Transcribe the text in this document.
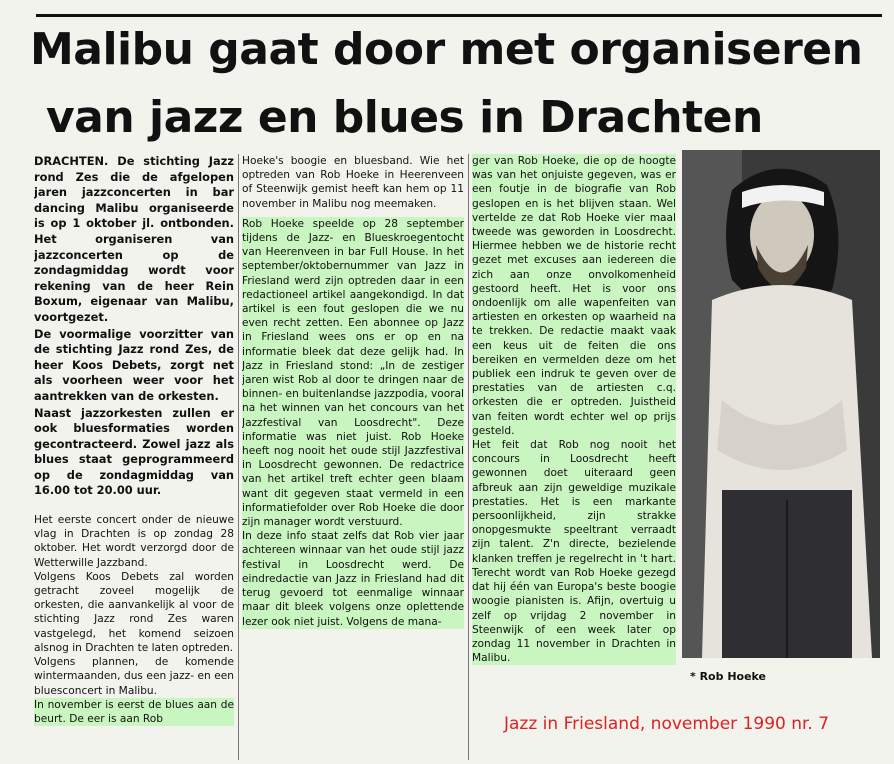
Malibu gaat door met organiseren
van jazz en blues in Drachten

DRACHTEN. De stichting Jazz rond Zes die de afgelopen jaren jazzconcerten in bar dancing Malibu organiseerde is op 1 oktober jl. ontbonden. Het organiseren van jazzconcerten op de zondagmiddag wordt voor rekening van de heer Rein Boxum, eigenaar van Malibu, voortgezet.

De voormalige voorzitter van de stichting Jazz rond Zes, de heer Koos Debets, zorgt net als voorheen weer voor het aantrekken van de orkesten.

Naast jazzorkesten zullen er ook bluesformaties worden gecontracteerd. Zowel jazz als blues staat geprogrammeerd op de zondagmiddag van 16.00 tot 20.00 uur.

Het eerste concert onder de nieuwe vlag in Drachten is op zondag 28 oktober. Het wordt verzorgd door de Wetterwille Jazzband.

Volgens Koos Debets zal worden getracht zoveel mogelijk de orkesten, die aanvankelijk al voor de stichting Jazz rond Zes waren vastgelegd, het komend seizoen alsnog in Drachten te laten optreden.

Volgens plannen, de komende wintermaanden, dus een jazz- en een bluesconcert in Malibu.

In november is eerst de blues aan de beurt. De eer is aan Rob

Hoeke's boogie en bluesband. Wie het optreden van Rob Hoeke in Heerenveen of Steenwijk gemist heeft kan hem op 11 november in Malibu nog meemaken.

Rob Hoeke speelde op 28 september tijdens de Jazz- en Blueskroegentocht van Heerenveen in bar Full House. In het september/oktobernummer van Jazz in Friesland werd zijn optreden daar in een redactioneel artikel aangekondigd. In dat artikel is een fout geslopen die we nu even recht zetten. Een abonnee op Jazz in Friesland wees ons er op en na informatie bleek dat deze gelijk had. In Jazz in Friesland stond: „In de zestiger jaren wist Rob al door te dringen naar de binnen- en buitenlandse jazzpodia, vooral na het winnen van het concours van het Jazzfestival van Loosdrecht". Deze informatie was niet juist. Rob Hoeke heeft nog nooit het oude stijl Jazzfestival in Loosdrecht gewonnen. De redactrice van het artikel treft echter geen blaam want dit gegeven staat vermeld in een informatiefolder over Rob Hoeke die door zijn manager wordt verstuurd.

In deze info staat zelfs dat Rob vier jaar achtereen winnaar van het oude stijl jazz festival in Loosdrecht werd. De eindredactie van Jazz in Friesland had dit terug gevoerd tot eenmalige winnaar maar dit bleek volgens onze oplettende lezer ook niet juist. Volgens de mana-

ger van Rob Hoeke, die op de hoogte was van het onjuiste gegeven, was er een foutje in de biografie van Rob geslopen en is het blijven staan. Wel vertelde ze dat Rob Hoeke vier maal tweede was geworden in Loosdrecht. Hiermee hebben we de historie recht gezet met excuses aan iedereen die zich aan onze onvolkomenheid gestoord heeft. Het is voor ons ondoenlijk om alle wapenfeiten van artiesten en orkesten op waarheid na te trekken. De redactie maakt vaak een keus uit de feiten die ons bereiken en vermelden deze om het publiek een indruk te geven over de prestaties van de artiesten c.q. orkesten die er optreden. Juistheid van feiten wordt echter wel op prijs gesteld.

Het feit dat Rob nog nooit het concours in Loosdrecht heeft gewonnen doet uiteraard geen afbreuk aan zijn geweldige muzikale prestaties. Het is een markante persoonlijkheid, zijn strakke onopgesmukte speeltrant verraadt zijn talent. Z'n directe, bezielende klanken treffen je regelrecht in 't hart. Terecht wordt van Rob Hoeke gezegd dat hij één van Europa's beste boogie woogie pianisten is. Afijn, overtuig u zelf op vrijdag 2 november in Steenwijk of een week later op zondag 11 november in Drachten in Malibu.

* Rob Hoeke
Jazz in Friesland, november 1990 nr. 7
